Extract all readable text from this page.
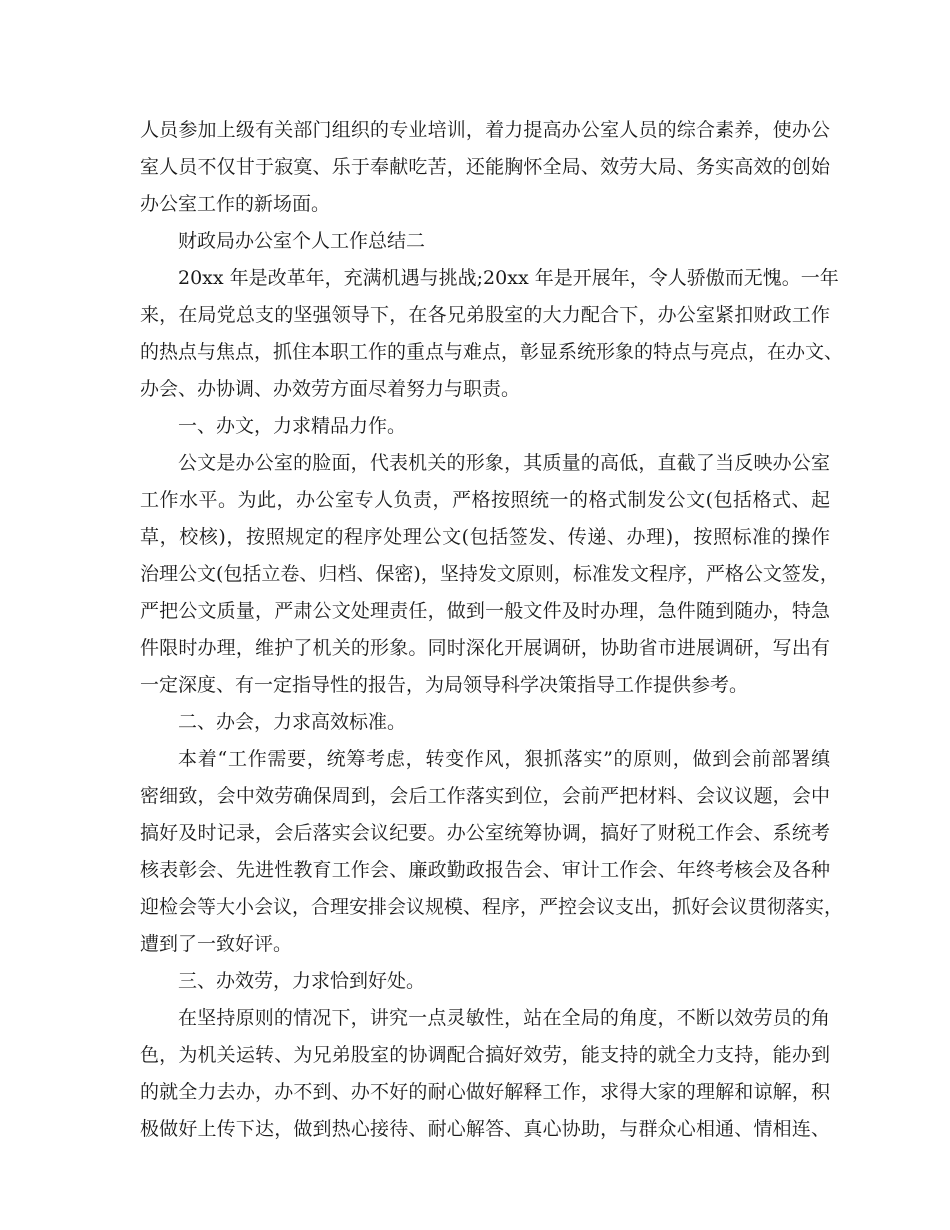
人员参加上级有关部门组织的专业培训，着力提高办公室人员的综合素养，使办公
室人员不仅甘于寂寞、乐于奉献吃苦，还能胸怀全局、效劳大局、务实高效的创始
办公室工作的新场面。
财政局办公室个人工作总结二
20xx 年是改革年，充满机遇与挑战;20xx 年是开展年，令人骄傲而无愧。一年
来，在局党总支的坚强领导下，在各兄弟股室的大力配合下，办公室紧扣财政工作
的热点与焦点，抓住本职工作的重点与难点，彰显系统形象的特点与亮点，在办文、
办会、办协调、办效劳方面尽着努力与职责。
一、办文，力求精品力作。
公文是办公室的脸面，代表机关的形象，其质量的高低，直截了当反映办公室
工作水平。为此，办公室专人负责，严格按照统一的格式制发公文(包括格式、起
草，校核)，按照规定的程序处理公文(包括签发、传递、办理)，按照标准的操作
治理公文(包括立卷、归档、保密)，坚持发文原则，标准发文程序，严格公文签发，
严把公文质量，严肃公文处理责任，做到一般文件及时办理，急件随到随办，特急
件限时办理，维护了机关的形象。同时深化开展调研，协助省市进展调研，写出有
一定深度、有一定指导性的报告，为局领导科学决策指导工作提供参考。
二、办会，力求高效标准。
本着“工作需要，统筹考虑，转变作风，狠抓落实”的原则，做到会前部署缜
密细致，会中效劳确保周到，会后工作落实到位，会前严把材料、会议议题，会中
搞好及时记录，会后落实会议纪要。办公室统筹协调，搞好了财税工作会、系统考
核表彰会、先进性教育工作会、廉政勤政报告会、审计工作会、年终考核会及各种
迎检会等大小会议，合理安排会议规模、程序，严控会议支出，抓好会议贯彻落实，
遭到了一致好评。
三、办效劳，力求恰到好处。
在坚持原则的情况下，讲究一点灵敏性，站在全局的角度，不断以效劳员的角
色，为机关运转、为兄弟股室的协调配合搞好效劳，能支持的就全力支持，能办到
的就全力去办，办不到、办不好的耐心做好解释工作，求得大家的理解和谅解，积
极做好上传下达，做到热心接待、耐心解答、真心协助，与群众心相通、情相连、
